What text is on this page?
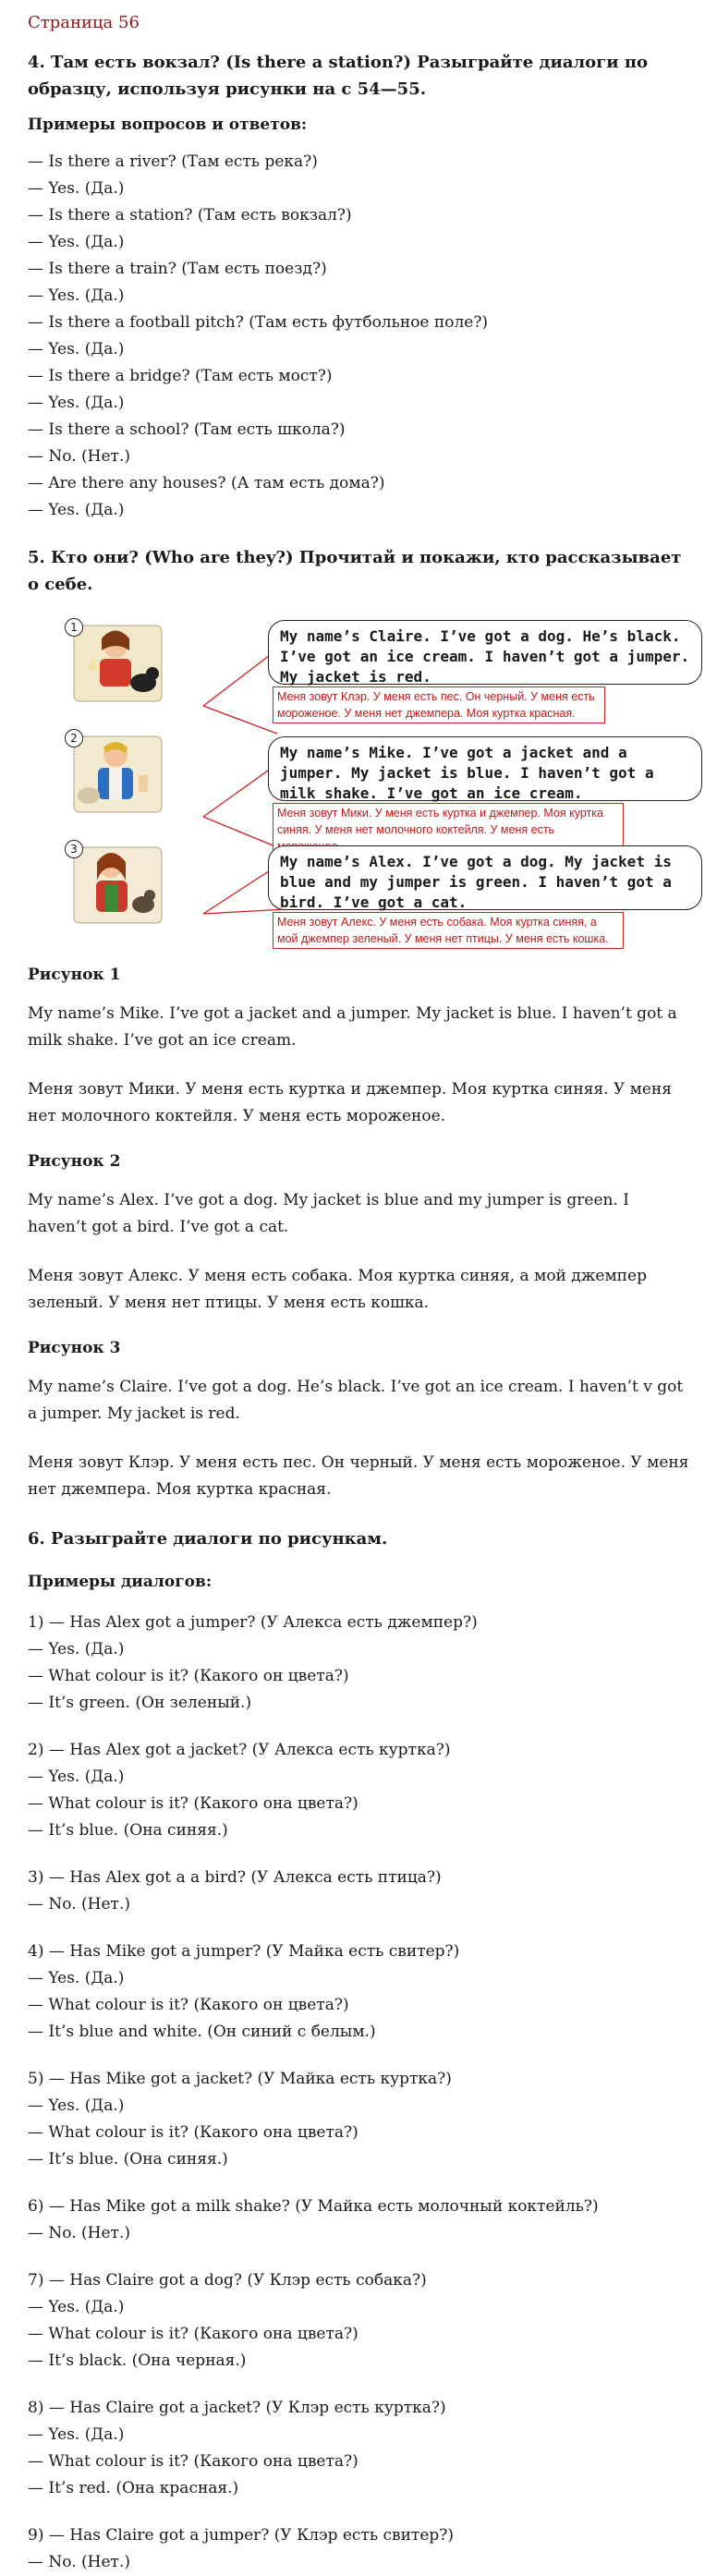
Страница 56
4. Там есть вокзал? (Is there a station?) Разыграйте диалоги по образцу, используя рисунки на с 54—55.
Примеры вопросов и ответов:
— Is there a river? (Там есть река?)
— Yes. (Да.)
— Is there a station? (Там есть вокзал?)
— Yes. (Да.)
— Is there a train? (Там есть поезд?)
— Yes. (Да.)
— Is there a football pitch? (Там есть футбольное поле?)
— Yes. (Да.)
— Is there a bridge? (Там есть мост?)
— Yes. (Да.)
— Is there a school? (Там есть школа?)
— No. (Нет.)
— Are there any houses? (А там есть дома?)
— Yes. (Да.)
5. Кто они? (Who are they?) Прочитай и покажи, кто рассказывает о себе.
1	My name’s Claire. I’ve got a dog. He’s black. I’ve got an ice cream. I haven’t got a jumper. My jacket is red.
Меня зовут Клэр. У меня есть пес. Он черный. У меня есть мороженое. У меня нет джемпера. Моя куртка красная.
2
My name’s Mike. I’ve got a jacket and a jumper. My jacket is blue. I haven’t got a milk shake. I’ve got an ice cream.
Меня зовут Мики. У меня есть куртка и джемпер. Моя куртка синяя. У меня нет молочного коктейля. У меня есть
3
My name’s Alex. I’ve got a dog. My jacket is blue and my jumper is green. I haven’t got a bird. I’ve got a cat.
Меня зовут Алекс. У меня есть собака. Моя куртка синяя, а мой джемпер зеленый. У меня нет птицы. У меня есть кошка.
Рисунок 1

My name’s Mike. I’ve got a jacket and a jumper. My jacket is blue. I haven’t got a milk shake. I’ve got an ice cream.

Меня зовут Мики. У меня есть куртка и джемпер. Моя куртка синяя. У меня нет молочного коктейля. У меня есть мороженое.

Рисунок 2

My name’s Alex. I’ve got a dog. My jacket is blue and my jumper is green. I haven’t got a bird. I’ve got a cat.

Меня зовут Алекс. У меня есть собака. Моя куртка синяя, а мой джемпер зеленый. У меня нет птицы. У меня есть кошка.

Рисунок 3

My name’s Claire. I’ve got a dog. He’s black. I’ve got an ice cream. I haven’t v got a jumper. My jacket is red.

Меня зовут Клэр. У меня есть пес. Он черный. У меня есть мороженое. У меня нет джемпера. Моя куртка красная.

6. Разыграйте диалоги по рисункам.
Примеры диалогов:
1) — Has Alex got a jumper? (У Алекса есть джемпер?)
— Yes. (Да.)
— What colour is it? (Какого он цвета?)
— It’s green. (Он зеленый.)
2) — Has Alex got a jacket? (У Алекса есть куртка?)
— Yes. (Да.)
— What colour is it? (Какого она цвета?)
— It’s blue. (Она синяя.)
3) — Has Alex got a a bird? (У Алекса есть птица?)
— No. (Нет.)
4) — Has Mike got a jumper? (У Майка есть свитер?)
— Yes. (Да.)
— What colour is it? (Какого он цвета?)
— It’s blue and white. (Он синий с белым.)
5) — Has Mike got a jacket? (У Майка есть куртка?)
— Yes. (Да.)
— What colour is it? (Какого она цвета?)
— It’s blue. (Она синяя.)
6) — Has Mike got a milk shake? (У Майка есть молочный коктейль?)
— No. (Нет.)
7) — Has Claire got a dog? (У Клэр есть собака?)
— Yes. (Да.)
— What colour is it? (Какого она цвета?)
— It’s black. (Она черная.)
8) — Has Claire got a jacket? (У Клэр есть куртка?)
— Yes. (Да.)
— What colour is it? (Какого она цвета?)
— It’s red. (Она красная.)
9) — Has Claire got a jumper? (У Клэр есть свитер?)
— No. (Нет.)
